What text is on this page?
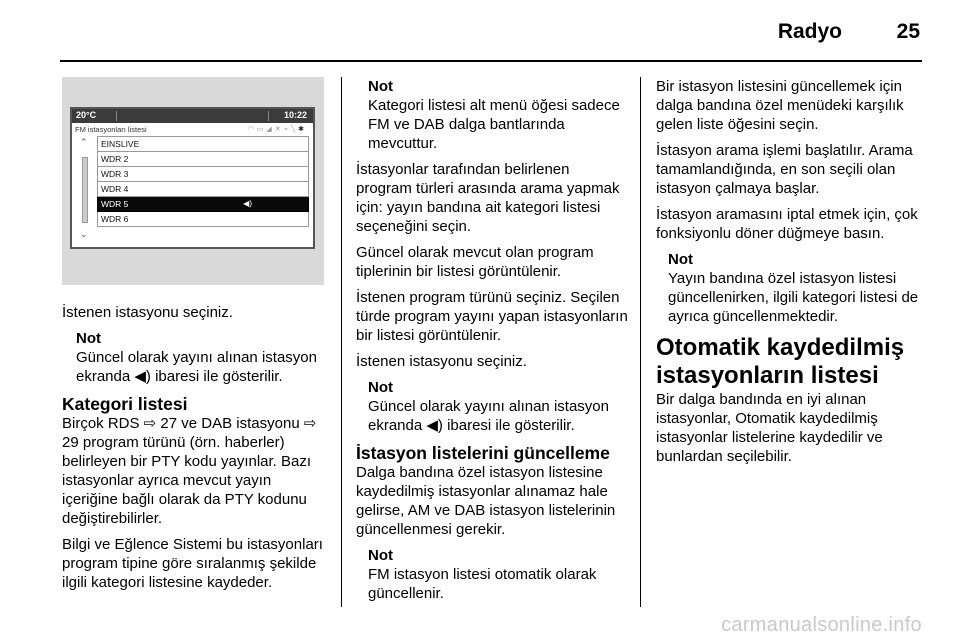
Radyo	25
20°C	10:22
FM istasyonları listesi	◠▭◢✕⌁╲✱
⌃
⌄
EINSLIVE
WDR 2
WDR 3
WDR 4
WDR 5	◀)
WDR 6

İstenen istasyonu seçiniz.

Not
Güncel olarak yayını alınan istasyon ekranda ◀) ibaresi ile gösterilir.
Kategori listesi

Birçok RDS ⇨ 27 ve DAB istasyonu ⇨ 29 program türünü (örn. haberler) belirleyen bir PTY kodu yayınlar. Bazı istasyonlar ayrıca mevcut yayın içeriğine bağlı olarak da PTY kodunu değiştirebilirler.

Bilgi ve Eğlence Sistemi bu istasyonları program tipine göre sıralanmış şekilde ilgili kategori listesine kaydeder.

Not
Kategori listesi alt menü öğesi sadece FM ve DAB dalga bantlarında mevcuttur.

İstasyonlar tarafından belirlenen program türleri arasında arama yapmak için: yayın bandına ait kategori listesi seçeneğini seçin.

Güncel olarak mevcut olan program tiplerinin bir listesi görüntülenir.

İstenen program türünü seçiniz. Seçilen türde program yayını yapan istasyonların bir listesi görüntülenir.

İstenen istasyonu seçiniz.

Not
Güncel olarak yayını alınan istasyon ekranda ◀) ibaresi ile gösterilir.
İstasyon listelerini güncelleme

Dalga bandına özel istasyon listesine kaydedilmiş istasyonlar alınamaz hale gelirse, AM ve DAB istasyon listelerinin güncellenmesi gerekir.

Not
FM istasyon listesi otomatik olarak güncellenir.

Bir istasyon listesini güncellemek için dalga bandına özel menüdeki karşılık gelen liste öğesini seçin.

İstasyon arama işlemi başlatılır. Arama tamamlandığında, en son seçili olan istasyon çalmaya başlar.

İstasyon aramasını iptal etmek için, çok fonksiyonlu döner düğmeye basın.

Not
Yayın bandına özel istasyon listesi güncellenirken, ilgili kategori listesi de ayrıca güncellenmektedir.
Otomatik kaydedilmiş istasyonların listesi

Bir dalga bandında en iyi alınan istasyonlar, Otomatik kaydedilmiş istasyonlar listelerine kaydedilir ve bunlardan seçilebilir.

carmanualsonline.info
